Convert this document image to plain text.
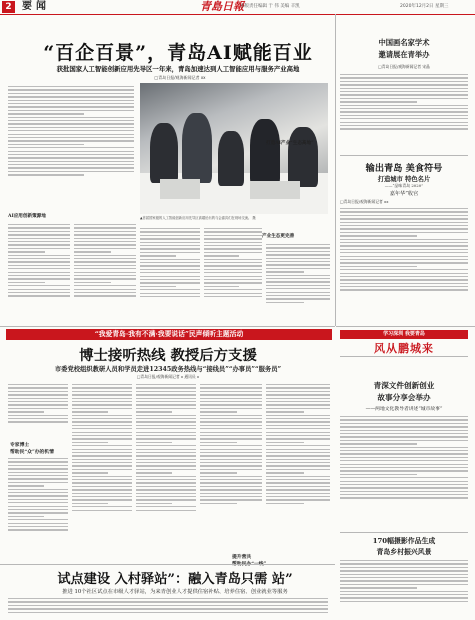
2	要闻	青島日報
本版责任编辑 于 伟 美编 辛凯	2020年12月2日 星期三
“百企百景”，青岛AI赋能百业
获批国家人工智能创新应用先导区一年来，青岛加速达到人工智能应用与服务产业高地
□青岛日报/观海新闻记者 xx
▲首届国家级的人工智能创新应用先导区高端论坛的与会嘉宾们在现场交流。 摄
AI应用创新策源地
产业生态更完善
打造AI产业“生态高地”
中国画名家学术
邀请展在青举办
□青岛日报/观海新闻记者 宋晶
输出青岛 美食符号
打造城市 特色名片
——“品味青岛 2020”
嘉年华”收官
□青岛日报/观海新闻记者 xx
“我爱青岛·我有不满·我要说话”民声倾听主题活动
博士接听热线 教授后方支援
市委党校组织教研人员和学员走进12345政务热线与“接线员”“办事员”“服务员”
□青岛日报/观海新闻记者 x 通讯员 x
专家博士
帮助民“众”办的机情
提升营共
试点建设 入村驿站”：融入青岛只需 站”
推进 10个社区试点在市级人才驿站，为来青创业人才提供住宿补贴、培养住宿、创业就业等服务
学习深圳 我要青岛
风从鹏城来
青深文件创新创业
故事分享会举办
——两地文化教导者讲述“城市故事”
170幅摄影作品生成
青岛乡村振兴风景
